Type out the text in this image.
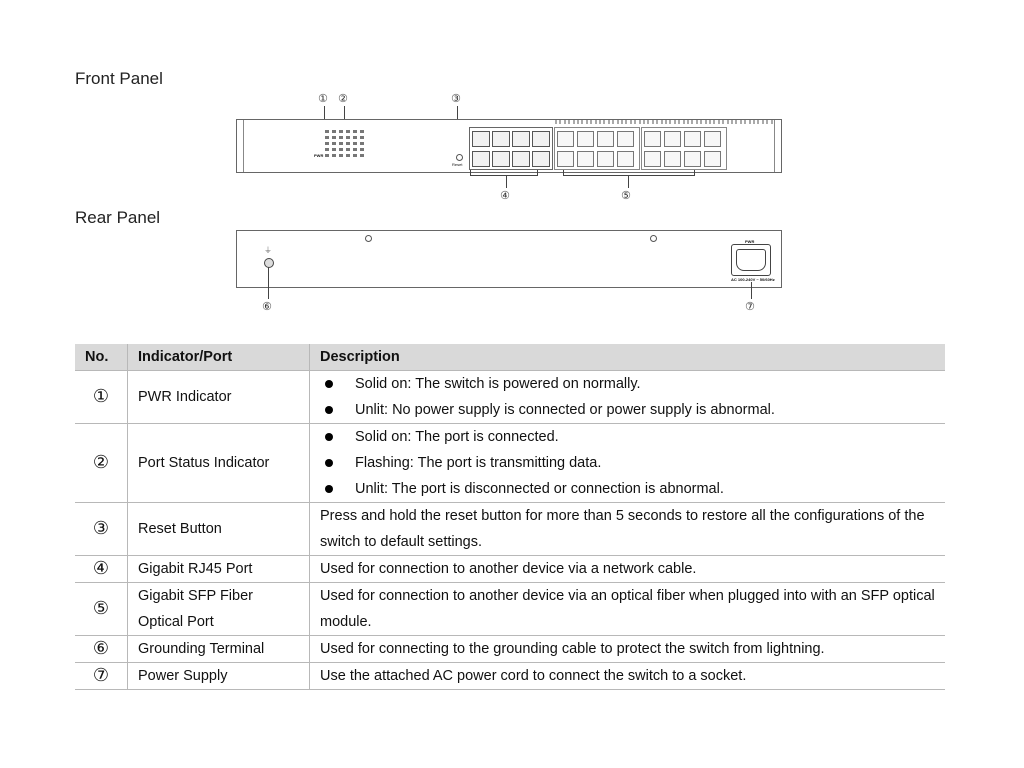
Front Panel
① ②	③
PWR
Reset
④	⑤
Rear Panel
⏚
PWR
AC 100-240V ~ 50/60Hz
⑥	⑦
No.	Indicator/Port	Description
①	PWR Indicator	Solid on: The switch is powered on normally.
Unlit: No power supply is connected or power supply is abnormal.

②	Port Status Indicator	Solid on: The port is connected.
Flashing: The port is transmitting data.
Unlit: The port is disconnected or connection is abnormal.

③	Reset Button	Press and hold the reset button for more than 5 seconds to restore all the configurations of the switch to default settings.
④	Gigabit RJ45 Port	Used for connection to another device via a network cable.
⑤	Gigabit SFP Fiber Optical Port	Used for connection to another device via an optical fiber when plugged into with an SFP optical module.
⑥	Grounding Terminal	Used for connecting to the grounding cable to protect the switch from lightning.
⑦	Power Supply	Use the attached AC power cord to connect the switch to a socket.
